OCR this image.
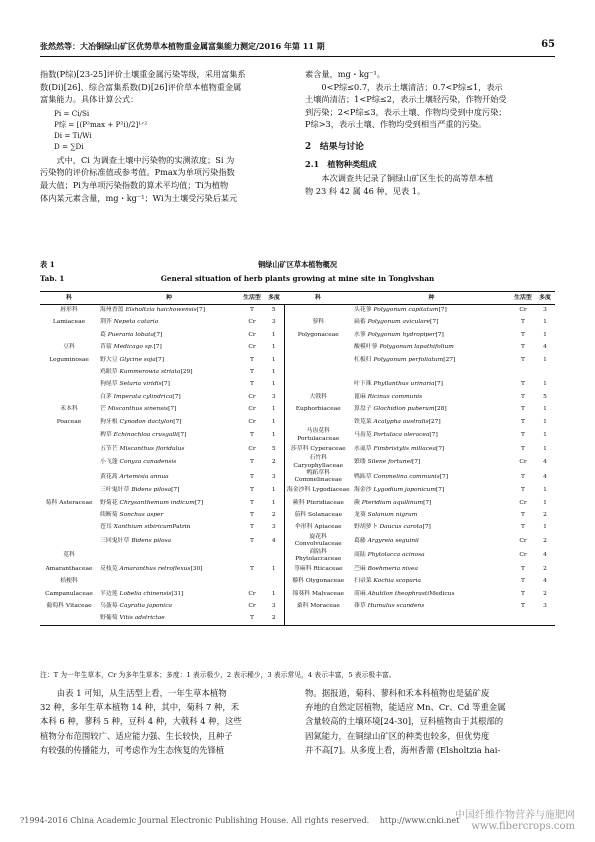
张然然等：大冶铜绿山矿区优势草本植物重金属富集能力测定/2016 年第 11 期	65

指数(P综)[23-25]评价土壤重金属污染等级，采用富集系

数(Di)[26]、综合富集系数(D)[26]评价草本植物重金属

富集能力。具体计算公式：

Pi = Ci/Si

P综 = [(P²max + P²i)/2]¹ᐟ²

Di = Ti/Wi

D = ∑Di

式中，Ci 为调查土壤中污染物的实测浓度；Si 为

污染物的评价标准值或参考值。Pmax为单项污染指数

最大值；Pi为单项污染指数的算术平均值；Ti为植物

体内某元素含量，mg・kg⁻¹；Wi为土壤受污染后某元

素含量，mg・kg⁻¹。

0<P综≤0.7，表示土壤清洁；0.7<P综≤1，表示

土壤尚清洁；1<P综≤2，表示土壤轻污染，作物开始受

到污染；2<P综≤3，表示土壤、作物均受到中度污染；

P综>3，表示土壤、作物均受到相当严重的污染。

2　结果与讨论
2.1　植物种类组成

本次调查共记录了铜绿山矿区生长的高等草本植

物 23 科 42 属 46 种，见表 1。

表 1	铜绿山矿区草本植物概况
Tab. 1	General situation of herb plants growing at mine site in Tonglvshan
科	种	生活型	多度	科	种	生活型	多度
唇形科	海州香薷 Elsholtzia haichowensis[7]	T	5		头花蓼 Polygonum capitatum[7]	Cr	3
Lamiaceae	荆芥 Nepeta cataria	Cr	3	蓼科	扁蓄 Polygonum aviculare[7]	T	1
	葛 Pueraria lobata[7]	Cr	1	Polygonaceae	水蓼 Polygonum hydropiper[7]	T	1
豆科	苜蓿 Medicago sp.[7]	Cr	1		酸模叶蓼 Polygonum lapathifolium	T	4
Leguminosae	野大豆 Glycine soja[7]	T	1		杠板归 Polygonum perfoliatum[27]	T	1
	鸡眼草 Kummerowia striata[29]	T	1				
	狗尾草 Setaria viridis[7]	T	1		叶下珠 Phyllanthus urinaria[7]	T	1
	白茅 Imperata cylindrica[7]	Cr	3	大戟科	蓖麻 Ricinus communis	T	5
禾本科	芒 Miscanthus sinensis[7]	Cr	1	Euphorbiaceae	算盘子 Glochidion puberum[28]	T	1
Poaceae	狗牙根 Cynodon dactylon[7]	Cr	1		铁苋菜 Acalypha australis[27]	T	1
	稗草 Echinochloa crusgalli[7]	T	1	马齿苋科 Portulacaceae	马齿苋 Portulaca oleracea[7]	T	1
	五节芒 Miscanthus floridulus	Cr	5	莎草科 Cyperaceae	水虱草 Fimbristylis miliacea[7]	T	1
	小飞蓬 Conyza canadensis	T	2	石竹科 Caryophyllaceae	繁缕 Silene fortunei[7]	Cr	4
	黄花蒿 Artemisia annua	T	3	鸭跖草科 Commelinaceae	鸭跖草 Commelina communis[7]	T	4
	三叶鬼针草 Bidens pilosa[7]	T	1	海金沙科 Lygodiaceae	海金沙 Lygodium japonicum[7]	T	1
菊科 Asteraceae	野菊花 Chrysanthemum indicum[7]	T	1	蕨科 Pteridiaceae	蕨 Pteridium aquilinum[7]	Cr	1
	续断菊 Sonchus asper	T	2	茄科 Solanaceae	龙葵 Solanum nigrum	T	2
	苍耳 Xanthium sibiricumPatrin	T	3	伞形科 Apiaceae	野胡萝卜 Daucus carota[7]	T	1
	三回鬼针草 Bidens pilosa	T	4	旋花科 Convolvulaceae	葛藤 Argyreia seguinii	Cr	2
苋科				商陆科 Phytolaccaceae	商陆 Phytolacca acinosa	Cr	4
Amaranthaceae	反枝苋 Amaranthus retroflexus[30]	T	1	荨麻科 Rticaceae	苎麻 Boehmeria nivea	T	2
桔梗科				藜科 Olygonaceae	扫帚菜 Kochia scoparia	T	4
Campanulaceae	半边莲 Lobelia chinensis[31]	Cr	1	锦葵科 Malvaceae	苘麻 Abutilon theophrastiMedicus	T	2
葡萄科 Vitaceae	乌蔹莓 Cayratia japonica	Cr	3	桑科 Moraceae	葎草 Humulus scandens	T	3
	野葡萄 Vitis adstrictae	T	2				
注：T 为一年生草本，Cr 为多年生草本；多度：1 表示极少，2 表示稀少，3 表示常见，4 表示丰富，5 表示极丰富。

由表 1 可知，从生活型上看，一年生草本植物

32 种，多年生草本植物 14 种，其中，菊科 7 种，禾

本科 6 种，蓼科 5 种，豆科 4 种，大戟科 4 种，这些

植物分布范围较广、适应能力强、生长较快，且种子

有较强的传播能力，可考虑作为生态恢复的先锋植

物。据报道，菊科、蓼科和禾本科植物也是猛矿废

弃地的自然定居植物，能适应 Mn、Cr、Cd 等重金属

含量较高的土壤环境[24-30]，豆科植物由于其根部的

固氮能力，在铜绿山矿区的种类也较多，但优势度

并不高[7]。从多度上看，海州香薷 (Elsholtzia hai-

?1994-2016 China Academic Journal Electronic Publishing House. All rights reserved.　 http://www.cnki.net
中国纤维作物营养与施肥网
www.fibercrops.com
